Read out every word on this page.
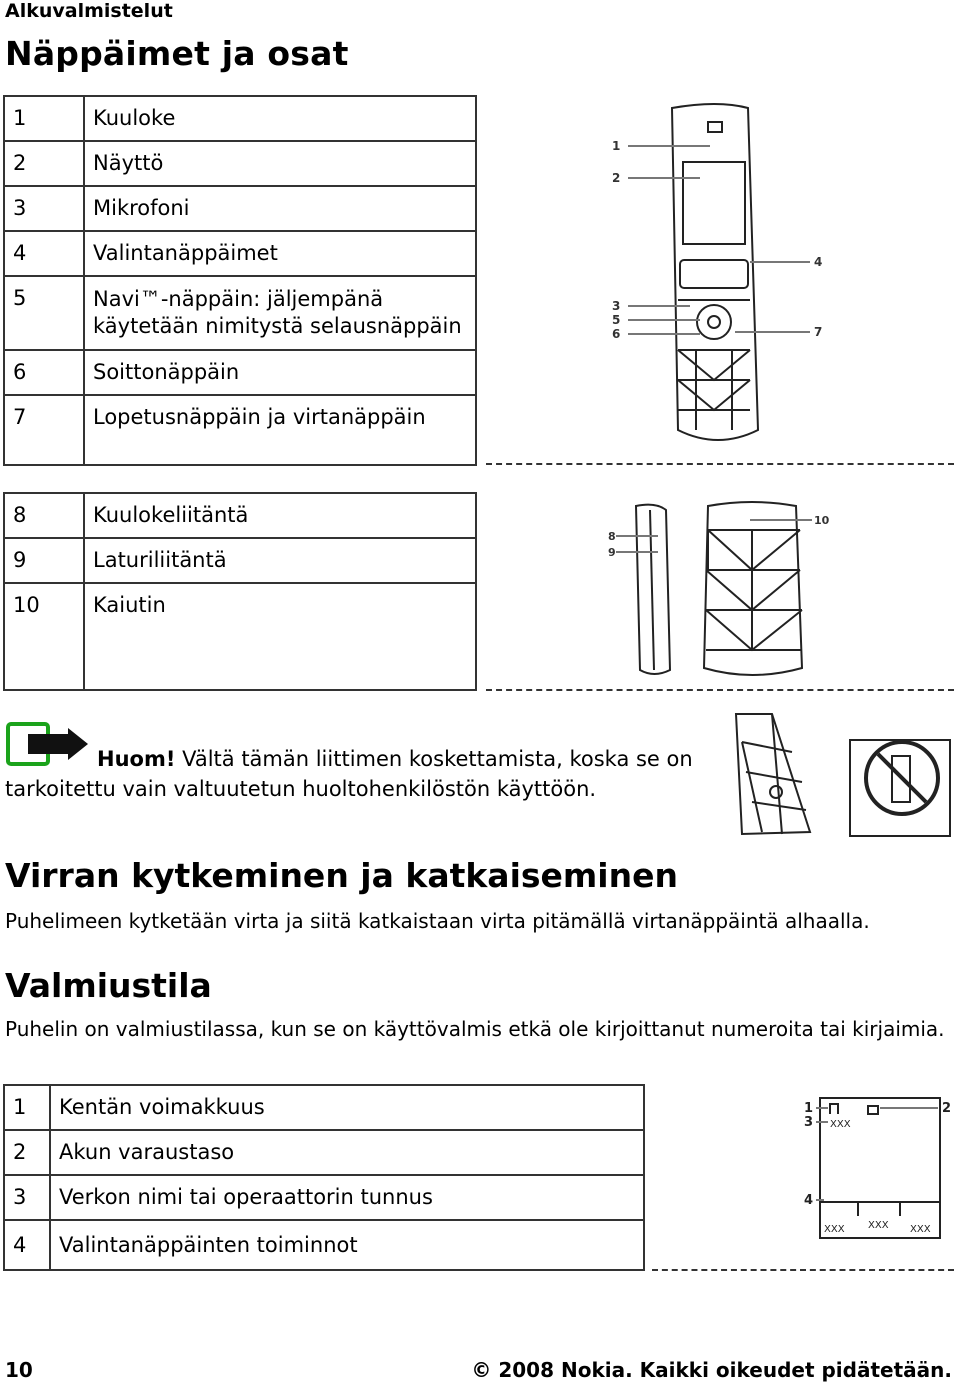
Alkuvalmistelut
Näppäimet ja osat
1	Kuuloke
2	Näyttö
3	Mikrofoni
4	Valintanäppäimet
5	Navi™-näppäin: jäljempänä käytetään nimitystä selausnäppäin
6	Soittonäppäin
7	Lopetusnäppäin ja virtanäppäin
1
2
3
5
6
4
7
8	Kuulokeliitäntä
9	Laturiliitäntä
10	Kaiutin
8
9
10
Huom! Vältä tämän liittimen koskettamista, koska se on tarkoitettu vain valtuutetun huoltohenkilöstön käyttöön.
Virran kytkeminen ja katkaiseminen
Puhelimeen kytketään virta ja siitä katkaistaan virta pitämällä virtanäppäintä alhaalla.
Valmiustila
Puhelin on valmiustilassa, kun se on käyttövalmis etkä ole kirjoittanut numeroita tai kirjaimia.
1	Kentän voimakkuus
2	Akun varaustaso
3	Verkon nimi tai operaattorin tunnus
4	Valintanäppäinten toiminnot
1
3
2
4
XXX
XXX XXX XXX
10	© 2008 Nokia. Kaikki oikeudet pidätetään.
